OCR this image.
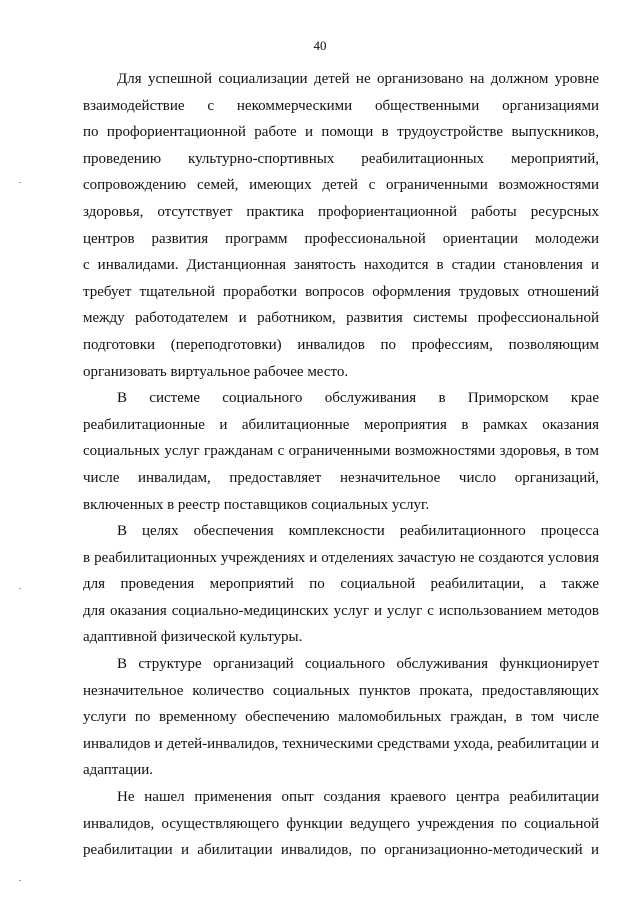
40

Для успешной социализации детей не организовано на должном уровне
взаимодействие с некоммерческими общественными организациями
по профориентационной работе и помощи в трудоустройстве выпускников,
проведению культурно-спортивных реабилитационных мероприятий,
сопровождению семей, имеющих детей с ограниченными возможностями
здоровья, отсутствует практика профориентационной работы ресурсных
центров развития программ профессиональной ориентации молодежи
с инвалидами. Дистанционная занятость находится в стадии становления и
требует тщательной проработки вопросов оформления трудовых отношений
между работодателем и работником, развития системы профессиональной
подготовки (переподготовки) инвалидов по профессиям, позволяющим
организовать виртуальное рабочее место.

В системе социального обслуживания в Приморском крае
реабилитационные и абилитационные мероприятия в рамках оказания
социальных услуг гражданам с ограниченными возможностями здоровья, в том
числе инвалидам, предоставляет незначительное число организаций,
включенных в реестр поставщиков социальных услуг.

В целях обеспечения комплексности реабилитационного процесса
в реабилитационных учреждениях и отделениях зачастую не создаются условия
для проведения мероприятий по социальной реабилитации, а также
для оказания социально-медицинских услуг и услуг с использованием методов
адаптивной физической культуры.

В структуре организаций социального обслуживания функционирует
незначительное количество социальных пунктов проката, предоставляющих
услуги по временному обеспечению маломобильных граждан, в том числе
инвалидов и детей-инвалидов, техническими средствами ухода, реабилитации и
адаптации.

Не нашел применения опыт создания краевого центра реабилитации
инвалидов, осуществляющего функции ведущего учреждения по социальной
реабилитации и абилитации инвалидов, по организационно-методический и
